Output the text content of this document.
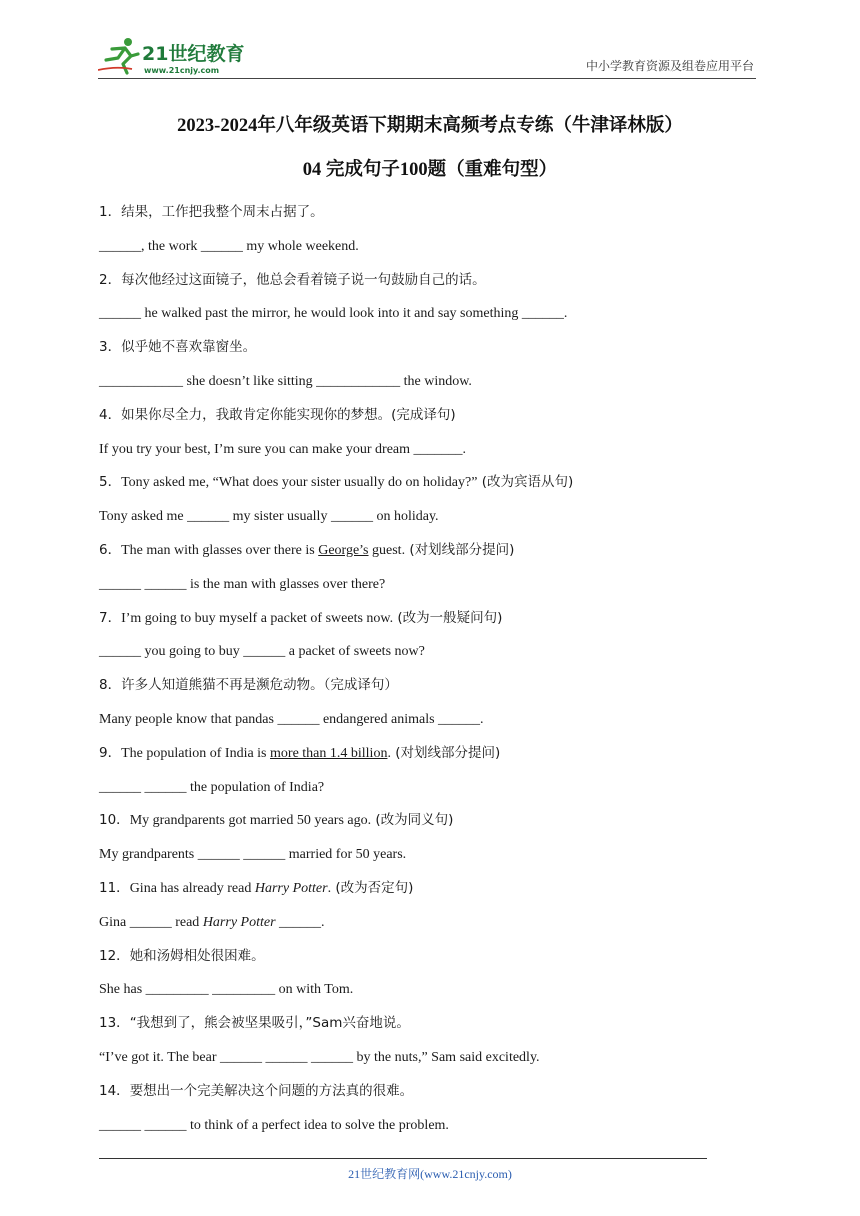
21世纪教育
www.21cnjy.com	中小学教育资源及组卷应用平台
2023-2024年八年级英语下期期末高频考点专练（牛津译林版）
04 完成句子100题（重难句型）
1．结果，工作把我整个周末占据了。
______, the work ______ my whole weekend.
2．每次他经过这面镜子，他总会看着镜子说一句鼓励自己的话。
______ he walked past the mirror, he would look into it and say something ______.
3．似乎她不喜欢靠窗坐。
____________ she doesn’t like sitting ____________ the window.
4．如果你尽全力，我敢肯定你能实现你的梦想。(完成译句)
If you try your best, I’m sure you can make your dream _______.
5．Tony asked me, “What does your sister usually do on holiday?” (改为宾语从句)
Tony asked me ______ my sister usually ______ on holiday.
6．The man with glasses over there is George’s guest. (对划线部分提问)
______ ______ is the man with glasses over there?
7．I’m going to buy myself a packet of sweets now. (改为一般疑问句)
______ you going to buy ______ a packet of sweets now?
8．许多人知道熊猫不再是濒危动物。（完成译句）
Many people know that pandas ______ endangered animals ______.
9．The population of India is more than 1.4 billion. (对划线部分提问)
______ ______ the population of India?
10．My grandparents got married 50 years ago. (改为同义句)
My grandparents ______ ______ married for 50 years.
11．Gina has already read Harry Potter. (改为否定句)
Gina ______ read Harry Potter ______.
12．她和汤姆相处很困难。
She has _________ _________ on with Tom.
13．“我想到了，熊会被坚果吸引，”Sam兴奋地说。
“I’ve got it. The bear ______ ______ ______ by the nuts,” Sam said excitedly.
14．要想出一个完美解决这个问题的方法真的很难。
______ ______ to think of a perfect idea to solve the problem.
21世纪教育网(www.21cnjy.com)
